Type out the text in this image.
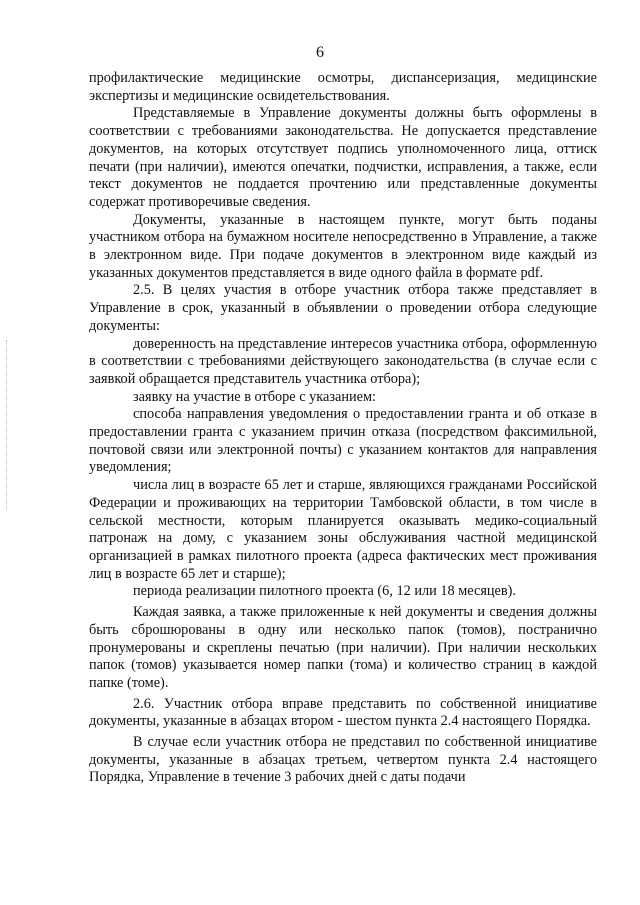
6

профилактические медицинские осмотры, диспансеризация, медицинские экспертизы и медицинские освидетельствования.

Представляемые в Управление документы должны быть оформлены в соответствии с требованиями законодательства. Не допускается представление документов, на которых отсутствует подпись уполномоченного лица, оттиск печати (при наличии), имеются опечатки, подчистки, исправления, а также, если текст документов не поддается прочтению или представленные документы содержат противоречивые сведения.

Документы, указанные в настоящем пункте, могут быть поданы участником отбора на бумажном носителе непосредственно в Управление, а также в электронном виде. При подаче документов в электронном виде каждый из указанных документов представляется в виде одного файла в формате pdf.

2.5. В целях участия в отборе участник отбора также представляет в Управление в срок, указанный в объявлении о проведении отбора следующие документы:

доверенность на представление интересов участника отбора, оформленную в соответствии с требованиями действующего законодательства (в случае если с заявкой обращается представитель участника отбора);

заявку на участие в отборе с указанием:

способа направления уведомления о предоставлении гранта и об отказе в предоставлении гранта с указанием причин отказа (посредством факсимильной, почтовой связи или электронной почты) с указанием контактов для направления уведомления;

числа лиц в возрасте 65 лет и старше, являющихся гражданами Российской Федерации и проживающих на территории Тамбовской области, в том числе в сельской местности, которым планируется оказывать медико-социальный патронаж на дому, с указанием зоны обслуживания частной медицинской организацией в рамках пилотного проекта (адреса фактических мест проживания лиц в возрасте 65 лет и старше);

периода реализации пилотного проекта (6, 12 или 18 месяцев).

Каждая заявка, а также приложенные к ней документы и сведения должны быть сброшюрованы в одну или несколько папок (томов), постранично пронумерованы и скреплены печатью (при наличии). При наличии нескольких папок (томов) указывается номер папки (тома) и количество страниц в каждой папке (томе).

2.6. Участник отбора вправе представить по собственной инициативе документы, указанные в абзацах втором - шестом пункта 2.4 настоящего Порядка.

В случае если участник отбора не представил по собственной инициативе документы, указанные в абзацах третьем, четвертом пункта 2.4 настоящего Порядка, Управление в течение 3 рабочих дней с даты подачи
